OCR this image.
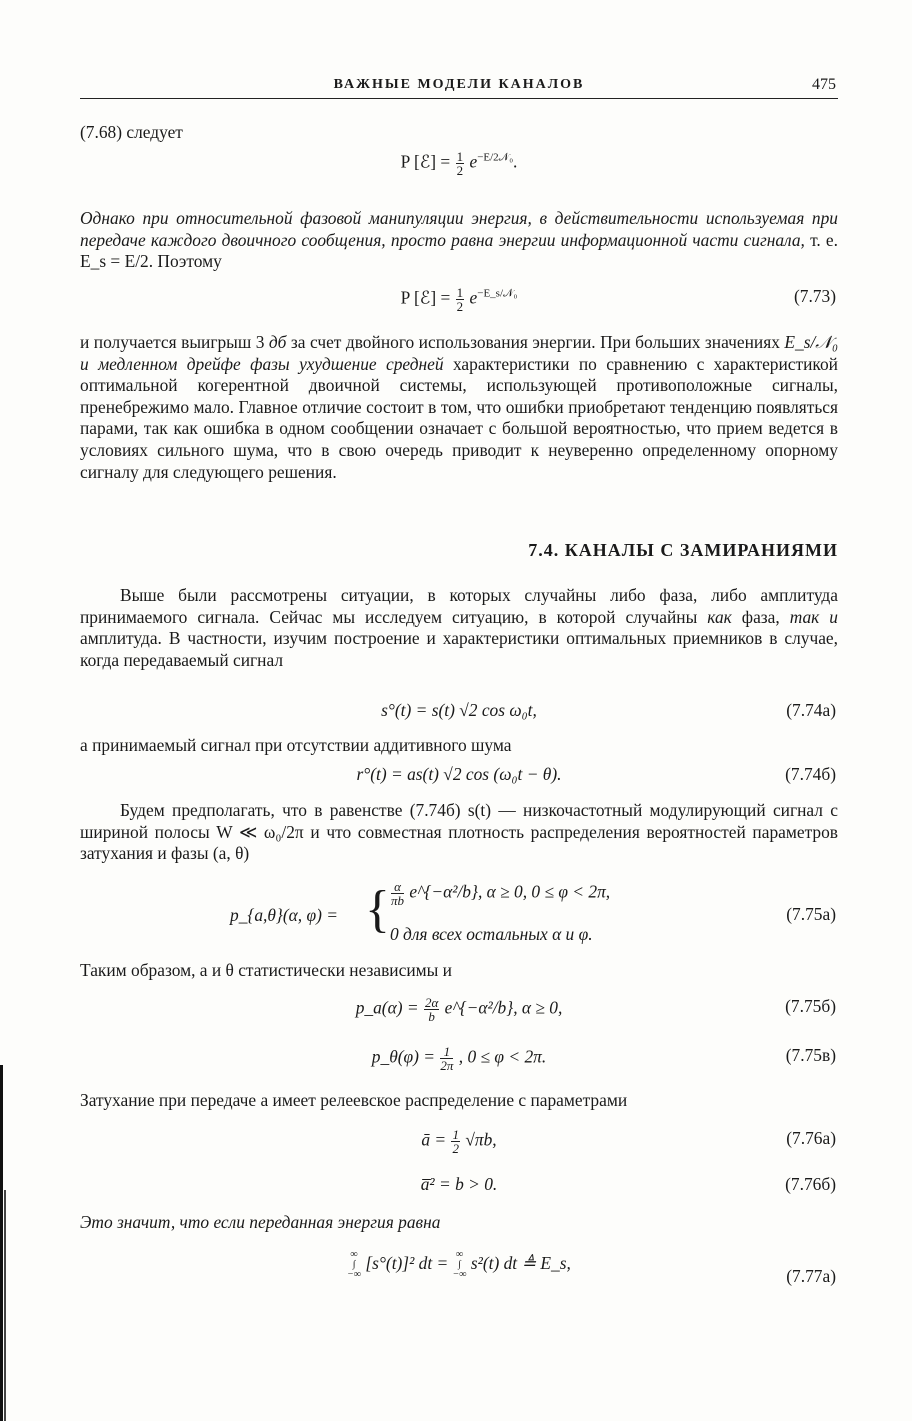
ВАЖНЫЕ МОДЕЛИ КАНАЛОВ	475

(7.68) следует

P [ℰ] = $\frac{1}{2} e^{-E/2𝒩_0}$.

Однако при относительной фазовой манипуляции энергия, в действительности используемая при передаче каждого двоичного сообщения, просто равна энергии информационной части сигнала, т. е. E_s = E/2. Поэтому

P [ℰ] = $\frac{1}{2} e^{-E\_s/𝒩_0}$	(7.73)

и получается выигрыш 3 дб за счет двойного использования энергии. При больших значениях E_s/𝒩₀ и медленном дрейфе фазы ухудшение средней характеристики по сравнению с характеристикой оптимальной когерентной двоичной системы, использующей противоположные сигналы, пренебрежимо мало. Главное отличие состоит в том, что ошибки приобретают тенденцию появляться парами, так как ошибка в одном сообщении означает с большой вероятностью, что прием ведется в условиях сильного шума, что в свою очередь приводит к неуверенно определенному опорному сигналу для следующего решения.

7.4. КАНАЛЫ С ЗАМИРАНИЯМИ

Выше были рассмотрены ситуации, в которых случайны либо фаза, либо амплитуда принимаемого сигнала. Сейчас мы исследуем ситуацию, в которой случайны как фаза, так и амплитуда. В частности, изучим построение и характеристики оптимальных приемников в случае, когда передаваемый сигнал

s°(t) = s(t) √2 cos ω₀t,	(7.74a)

а принимаемый сигнал при отсутствии аддитивного шума

r°(t) = as(t) √2 cos (ω₀t − θ).	(7.74б)

Будем предполагать, что в равенстве (7.74б) s(t) — низкочастотный модулирующий сигнал с шириной полосы W ≪ ω₀/2π и что совместная плотность распределения вероятностей параметров затухания и фазы (a, θ)

p_{a,θ}(α, φ) = { $\frac{\alpha}{\pi b}$ e^{−α²/b}, α ≥ 0, 0 ≤ φ < 2π,
0 для всех остальных α и φ.
(7.75a)

Таким образом, a и θ статистически независимы и

p_a(α) = $\frac{2\alpha}{b}$ e^{−α²/b}, α ≥ 0,	(7.75б)
p_θ(φ) = $\frac{1}{2\pi}$ , 0 ≤ φ < 2π.	(7.75в)

Затухание при передаче a имеет релеевское распределение с параметрами

ā = $\frac{1}{2} √\pi b$,	(7.76a)
a̅² = b > 0.	(7.76б)

Это значит, что если переданная энергия равна

∞
∫
−∞
[s°(t)]² dt = ∞
∫
−∞
s²(t) dt ≜ E_s,
(7.77a)
